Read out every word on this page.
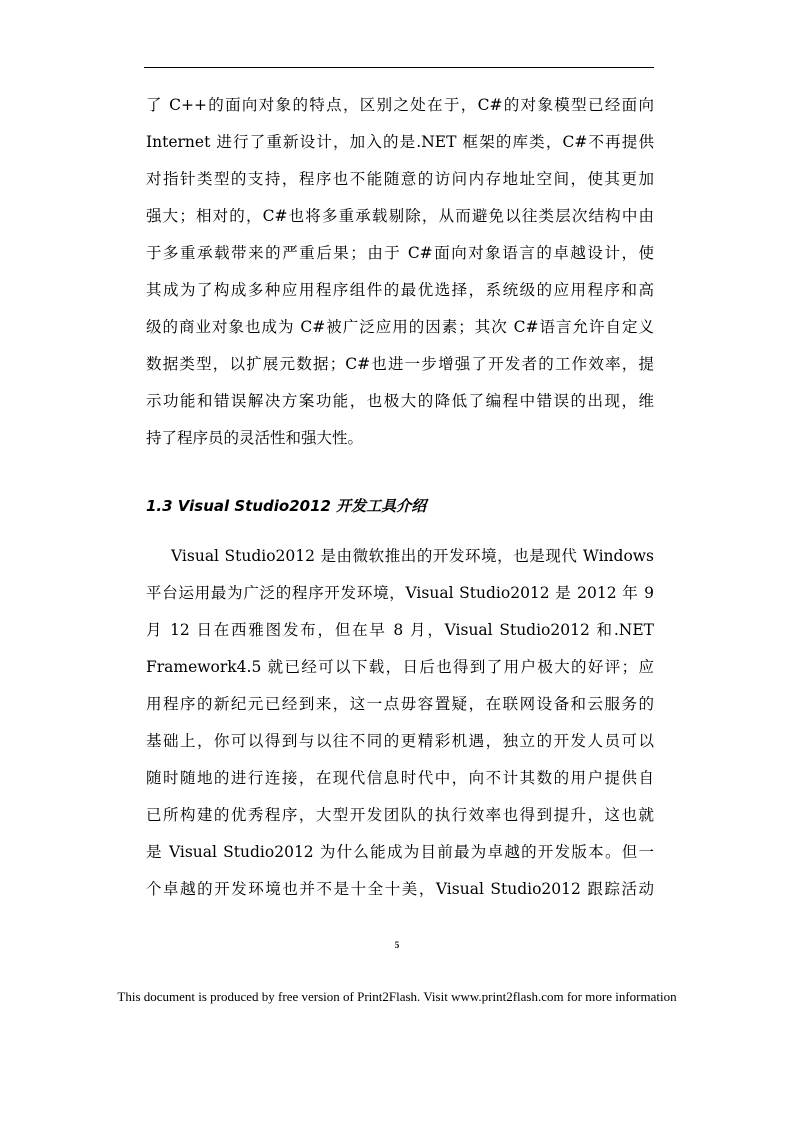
了 C++的面向对象的特点，区别之处在于，C#的对象模型已经面向
Internet 进行了重新设计，加入的是.NET 框架的库类，C#不再提供
对指针类型的支持，程序也不能随意的访问内存地址空间，使其更加
强大；相对的，C#也将多重承载剔除，从而避免以往类层次结构中由
于多重承载带来的严重后果；由于 C#面向对象语言的卓越设计，使
其成为了构成多种应用程序组件的最优选择，系统级的应用程序和高
级的商业对象也成为 C#被广泛应用的因素；其次 C#语言允许自定义
数据类型，以扩展元数据；C#也进一步增强了开发者的工作效率，提
示功能和错误解决方案功能，也极大的降低了编程中错误的出现，维
持了程序员的灵活性和强大性。
1.3 Visual Studio2012 开发工具介绍
Visual Studio2012 是由微软推出的开发环境，也是现代 Windows
平台运用最为广泛的程序开发环境，Visual Studio2012 是 2012 年 9
月 12 日在西雅图发布，但在早 8 月，Visual Studio2012 和.NET
Framework4.5 就已经可以下载，日后也得到了用户极大的好评；应
用程序的新纪元已经到来，这一点毋容置疑，在联网设备和云服务的
基础上，你可以得到与以往不同的更精彩机遇，独立的开发人员可以
随时随地的进行连接，在现代信息时代中，向不计其数的用户提供自
已所构建的优秀程序，大型开发团队的执行效率也得到提升，这也就
是 Visual Studio2012 为什么能成为目前最为卓越的开发版本。但一
个卓越的开发环境也并不是十全十美，Visual Studio2012 跟踪活动
5
This document is produced by free version of Print2Flash. Visit www.print2flash.com for more information
